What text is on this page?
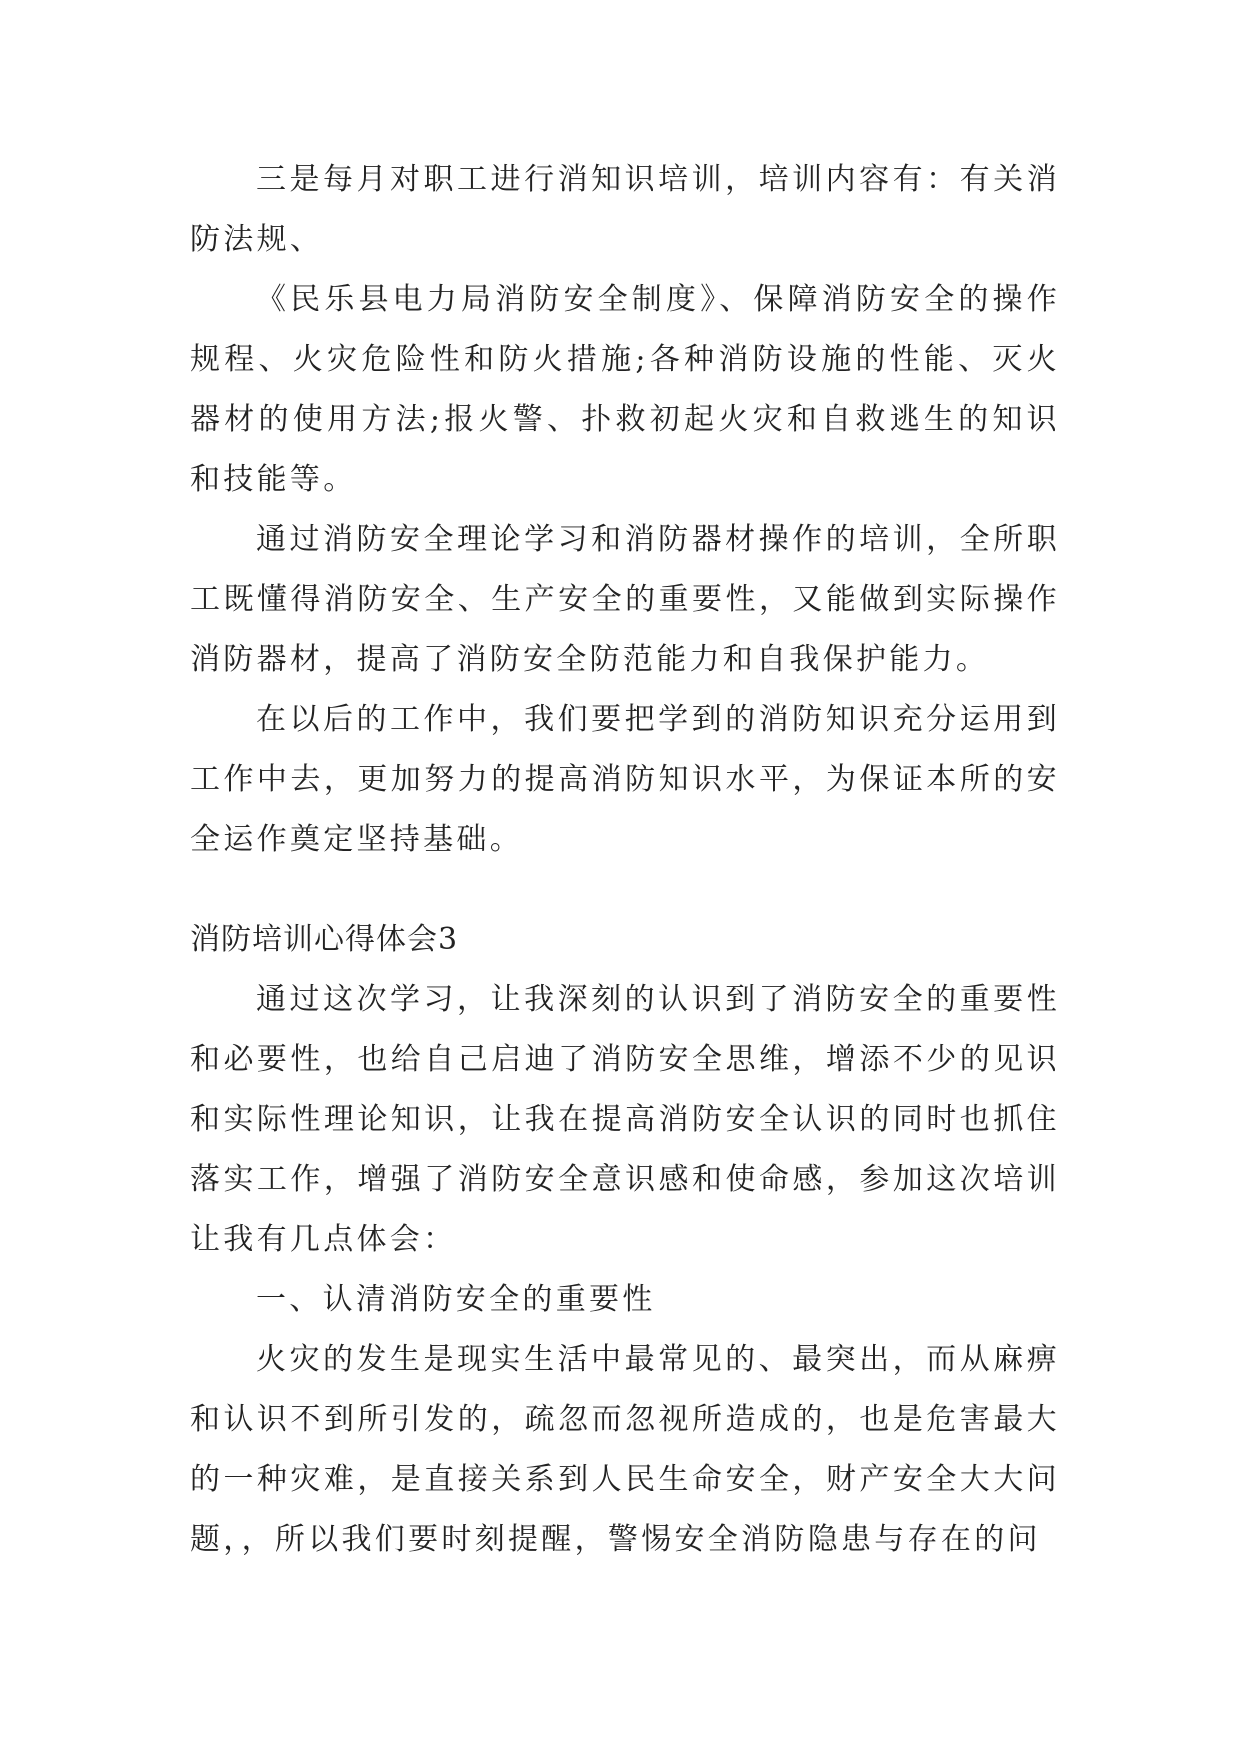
三是每月对职工进行消知识培训，培训内容有：有关消防法规、

《民乐县电力局消防安全制度》、保障消防安全的操作规程、火灾危险性和防火措施;各种消防设施的性能、灭火器材的使用方法;报火警、扑救初起火灾和自救逃生的知识和技能等。

通过消防安全理论学习和消防器材操作的培训，全所职工既懂得消防安全、生产安全的重要性，又能做到实际操作消防器材，提高了消防安全防范能力和自我保护能力。

在以后的工作中，我们要把学到的消防知识充分运用到工作中去，更加努力的提高消防知识水平，为保证本所的安全运作奠定坚持基础。

消防培训心得体会3

通过这次学习，让我深刻的认识到了消防安全的重要性和必要性，也给自己启迪了消防安全思维，增添不少的见识和实际性理论知识，让我在提高消防安全认识的同时也抓住落实工作，增强了消防安全意识感和使命感，参加这次培训让我有几点体会：

一、认清消防安全的重要性

火灾的发生是现实生活中最常见的、最突出，而从麻痹和认识不到所引发的，疏忽而忽视所造成的，也是危害最大的一种灾难，是直接关系到人民生命安全，财产安全大大问题，，所以我们要时刻提醒，警惕安全消防隐患与存在的问
